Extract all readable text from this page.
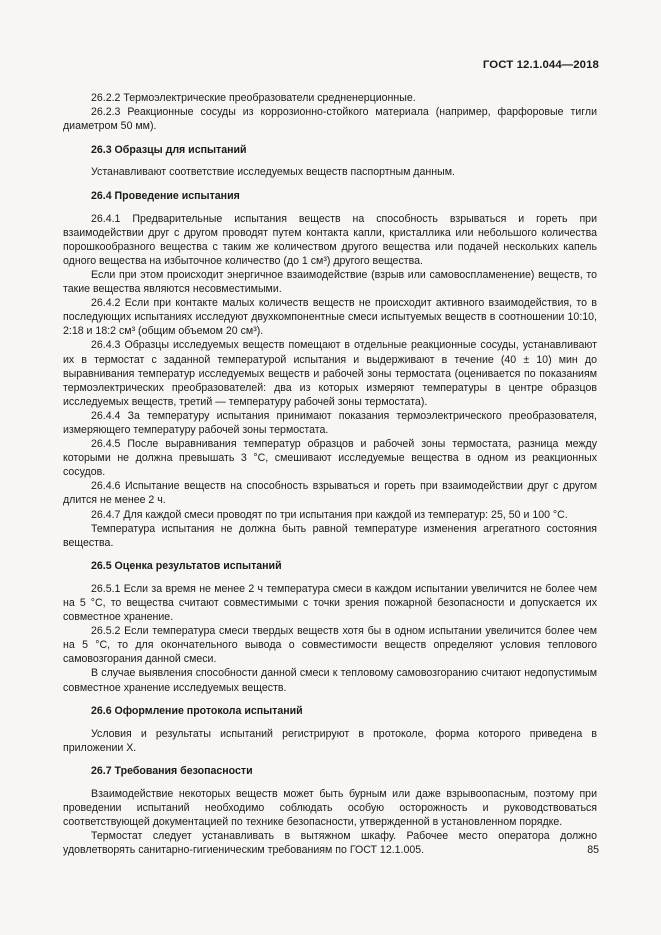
ГОСТ 12.1.044—2018

26.2.2 Термоэлектрические преобразователи средненерционные.

26.2.3 Реакционные сосуды из коррозионно-стойкого материала (например, фарфоровые тигли диаметром 50 мм).

26.3 Образцы для испытаний

Устанавливают соответствие исследуемых веществ паспортным данным.

26.4 Проведение испытания

26.4.1 Предварительные испытания веществ на способность взрываться и гореть при взаимодействии друг с другом проводят путем контакта капли, кристаллика или небольшого количества порошкообразного вещества с таким же количеством другого вещества или подачей нескольких капель одного вещества на избыточное количество (до 1 см³) другого вещества.

Если при этом происходит энергичное взаимодействие (взрыв или самовоспламенение) веществ, то такие вещества являются несовместимыми.

26.4.2 Если при контакте малых количеств веществ не происходит активного взаимодействия, то в последующих испытаниях исследуют двухкомпонентные смеси испытуемых веществ в соотношении 10:10, 2:18 и 18:2 см³ (общим объемом 20 см³).

26.4.3 Образцы исследуемых веществ помещают в отдельные реакционные сосуды, устанавливают их в термостат с заданной температурой испытания и выдерживают в течение (40 ± 10) мин до выравнивания температур исследуемых веществ и рабочей зоны термостата (оценивается по показаниям термоэлектрических преобразователей: два из которых измеряют температуры в центре образцов исследуемых веществ, третий — температуру рабочей зоны термостата).

26.4.4 За температуру испытания принимают показания термоэлектрического преобразователя, измеряющего температуру рабочей зоны термостата.

26.4.5 После выравнивания температур образцов и рабочей зоны термостата, разница между которыми не должна превышать 3 °С, смешивают исследуемые вещества в одном из реакционных сосудов.

26.4.6 Испытание веществ на способность взрываться и гореть при взаимодействии друг с другом длится не менее 2 ч.

26.4.7 Для каждой смеси проводят по три испытания при каждой из температур: 25, 50 и 100 °С.

Температура испытания не должна быть равной температуре изменения агрегатного состояния вещества.

26.5 Оценка результатов испытаний

26.5.1 Если за время не менее 2 ч температура смеси в каждом испытании увеличится не более чем на 5 °С, то вещества считают совместимыми с точки зрения пожарной безопасности и допускается их совместное хранение.

26.5.2 Если температура смеси твердых веществ хотя бы в одном испытании увеличится более чем на 5 °С, то для окончательного вывода о совместимости веществ определяют условия теплового самовозгорания данной смеси.

В случае выявления способности данной смеси к тепловому самовозгоранию считают недопустимым совместное хранение исследуемых веществ.

26.6 Оформление протокола испытаний

Условия и результаты испытаний регистрируют в протоколе, форма которого приведена в приложении X.

26.7 Требования безопасности

Взаимодействие некоторых веществ может быть бурным или даже взрывоопасным, поэтому при проведении испытаний необходимо соблюдать особую осторожность и руководствоваться соответствующей документацией по технике безопасности, утвержденной в установленном порядке.

Термостат следует устанавливать в вытяжном шкафу. Рабочее место оператора должно удовлетворять санитарно-гигиеническим требованиям по ГОСТ 12.1.005.	85
